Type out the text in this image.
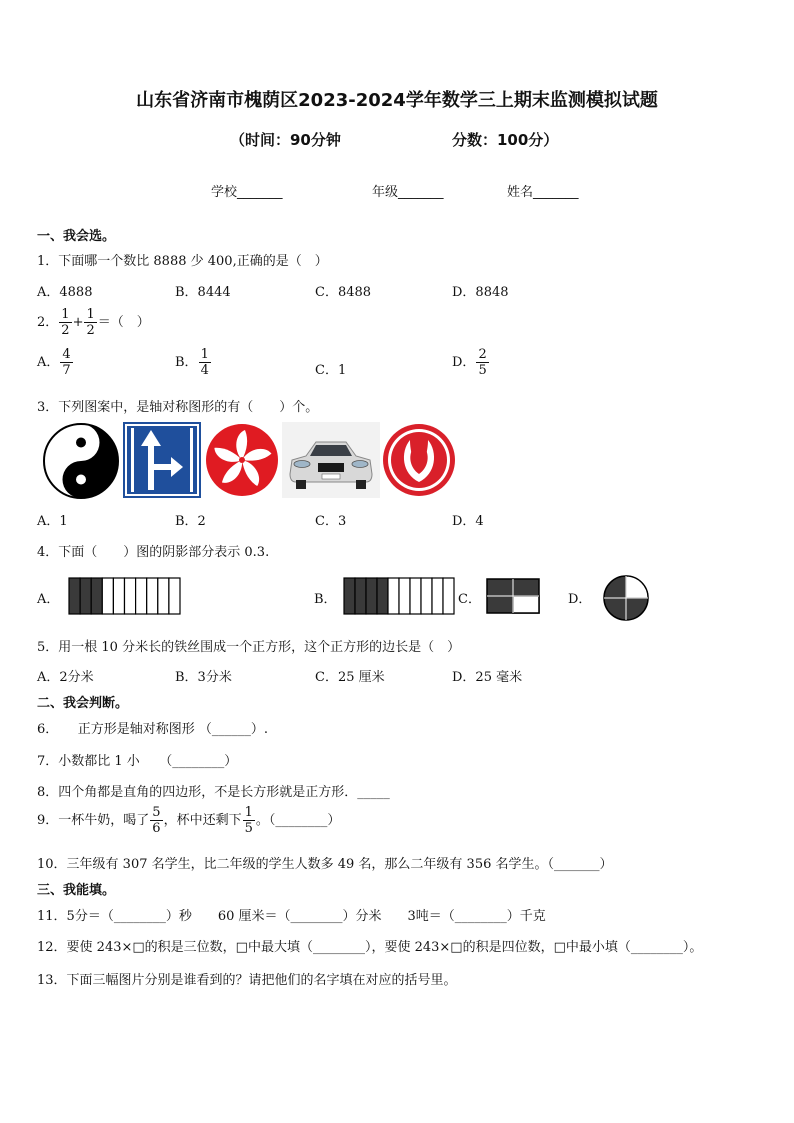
山东省济南市槐荫区2023-2024学年数学三上期末监测模拟试题
（时间：90分钟	分数：100分）
学校_______	年级_______	姓名_______
一、我会选。
1．下面哪一个数比 8888 少 400,正确的是（　）
A．4888	B．8444	C．8488	D．8848
2． $\frac{1}{2} + \frac{1}{2}$ ＝（　）
A． $\frac{4}{7}$	B． $\frac{1}{4}$	C．1
D． $\frac{2}{5}$
3．下列图案中，是轴对称图形的有（　　）个。
A．1	B．2	C．3	D．4
4．下面（　　）图的阴影部分表示 0.3.
A．	B．	C．	D．
5．用一根 10 分米长的铁丝围成一个正方形，这个正方形的边长是（　）
A．2分米	B．3分米	C．25 厘米	D．25 毫米
二、我会判断。
6．　　正方形是轴对称图形 （______）.
7．小数都比 1 小　　（________）
8．四个角都是直角的四边形，不是长方形就是正方形．_____
9．一杯牛奶，喝了 $\frac{5}{6}$ ，杯中还剩下 $\frac{1}{5}$ 。（________）
10．三年级有 307 名学生，比二年级的学生人数多 49 名，那么二年级有 356 名学生。（_______）
三、我能填。
11．5分＝（________）秒　　60 厘米＝（________）分米　　3吨＝（________）千克
12．要使 243×□的积是三位数，□中最大填（________），要使 243×□的积是四位数，□中最小填（________）。
13．下面三幅图片分别是谁看到的？请把他们的名字填在对应的括号里。
